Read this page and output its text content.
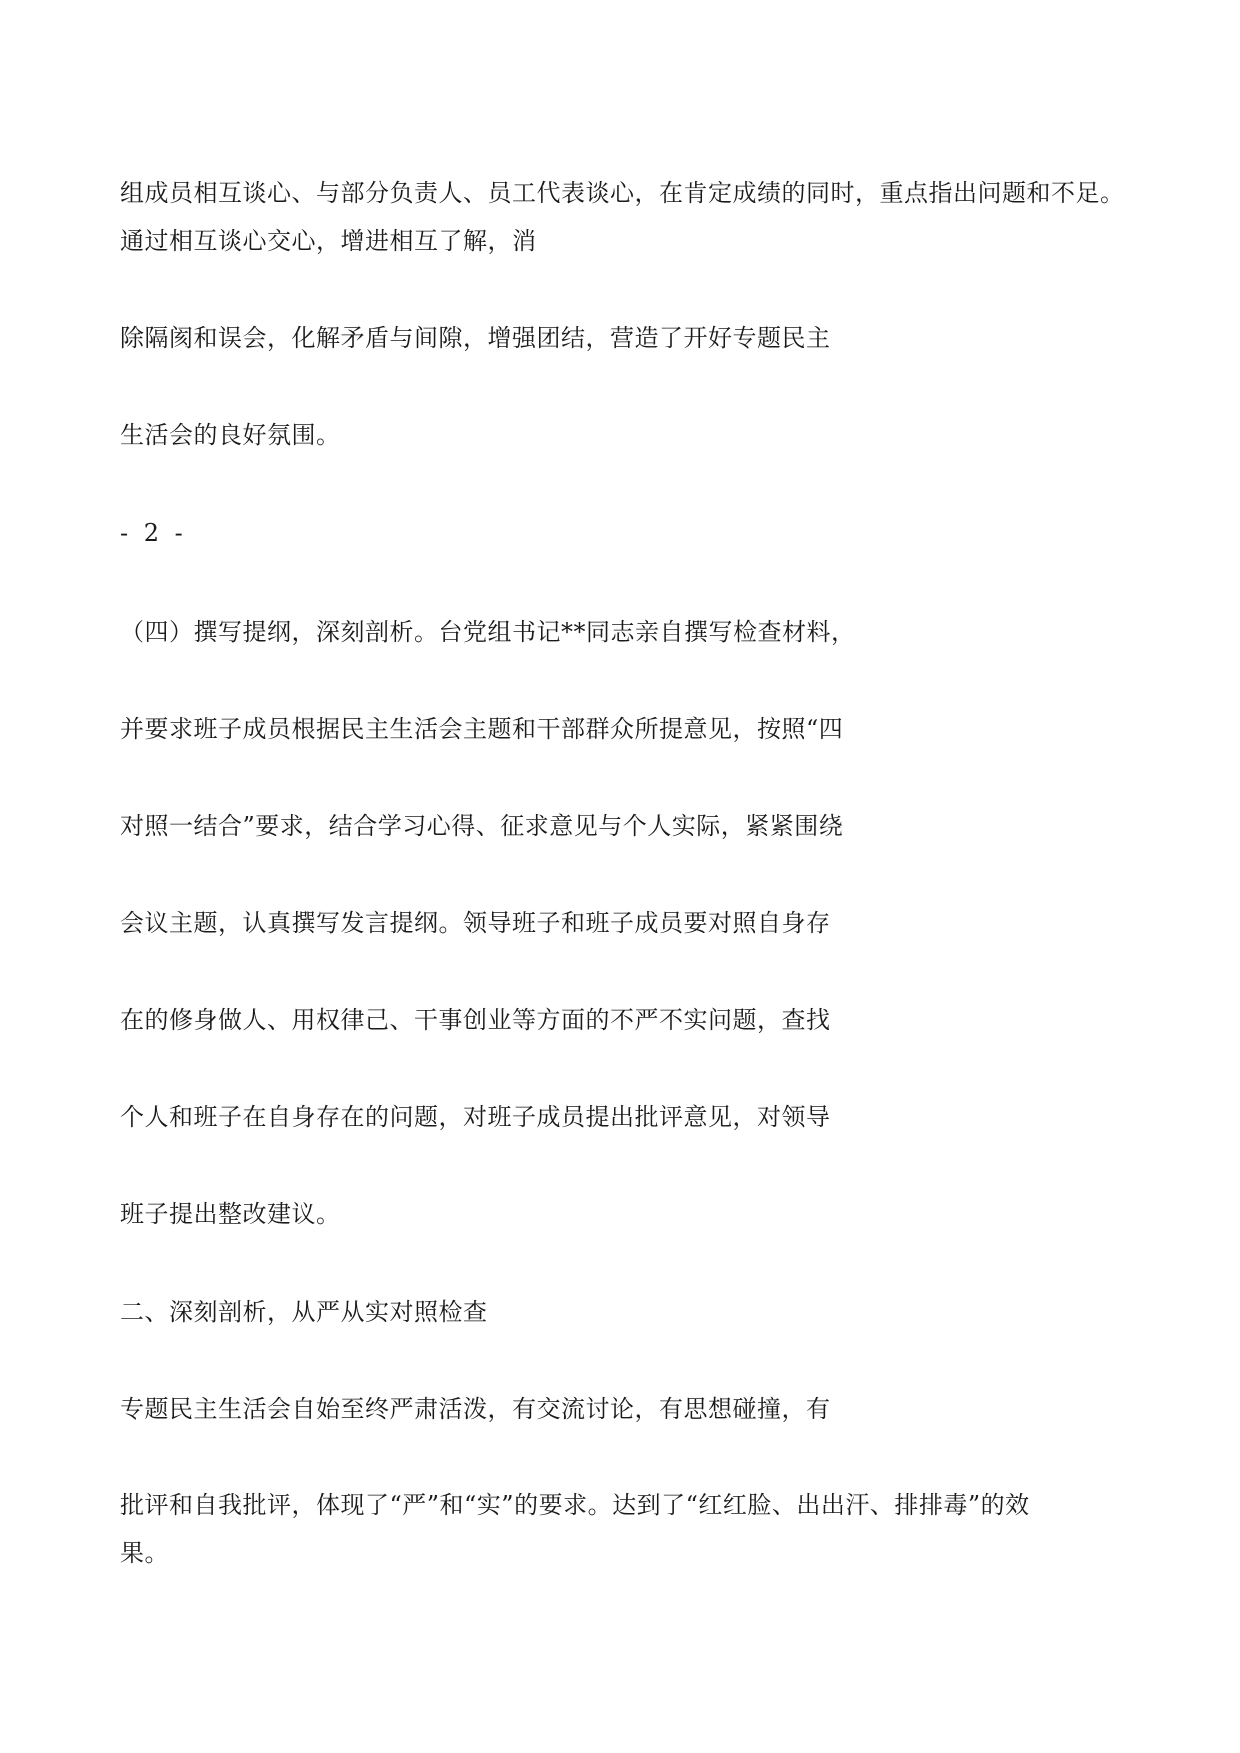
组成员相互谈心、与部分负责人、员工代表谈心，在肯定成绩的同时，重点指出问题和不足。
通过相互谈心交心，增进相互了解，消
除隔阂和误会，化解矛盾与间隙，增强团结，营造了开好专题民主
生活会的良好氛围。
- 2 -
（四）撰写提纲，深刻剖析。台党组书记**同志亲自撰写检查材料，
并要求班子成员根据民主生活会主题和干部群众所提意见，按照“四
对照一结合”要求，结合学习心得、征求意见与个人实际，紧紧围绕
会议主题，认真撰写发言提纲。领导班子和班子成员要对照自身存
在的修身做人、用权律己、干事创业等方面的不严不实问题，查找
个人和班子在自身存在的问题，对班子成员提出批评意见，对领导
班子提出整改建议。
二、深刻剖析，从严从实对照检查
专题民主生活会自始至终严肃活泼，有交流讨论，有思想碰撞，有
批评和自我批评，体现了“严”和“实”的要求。达到了“红红脸、出出汗、排排毒”的效
果。
